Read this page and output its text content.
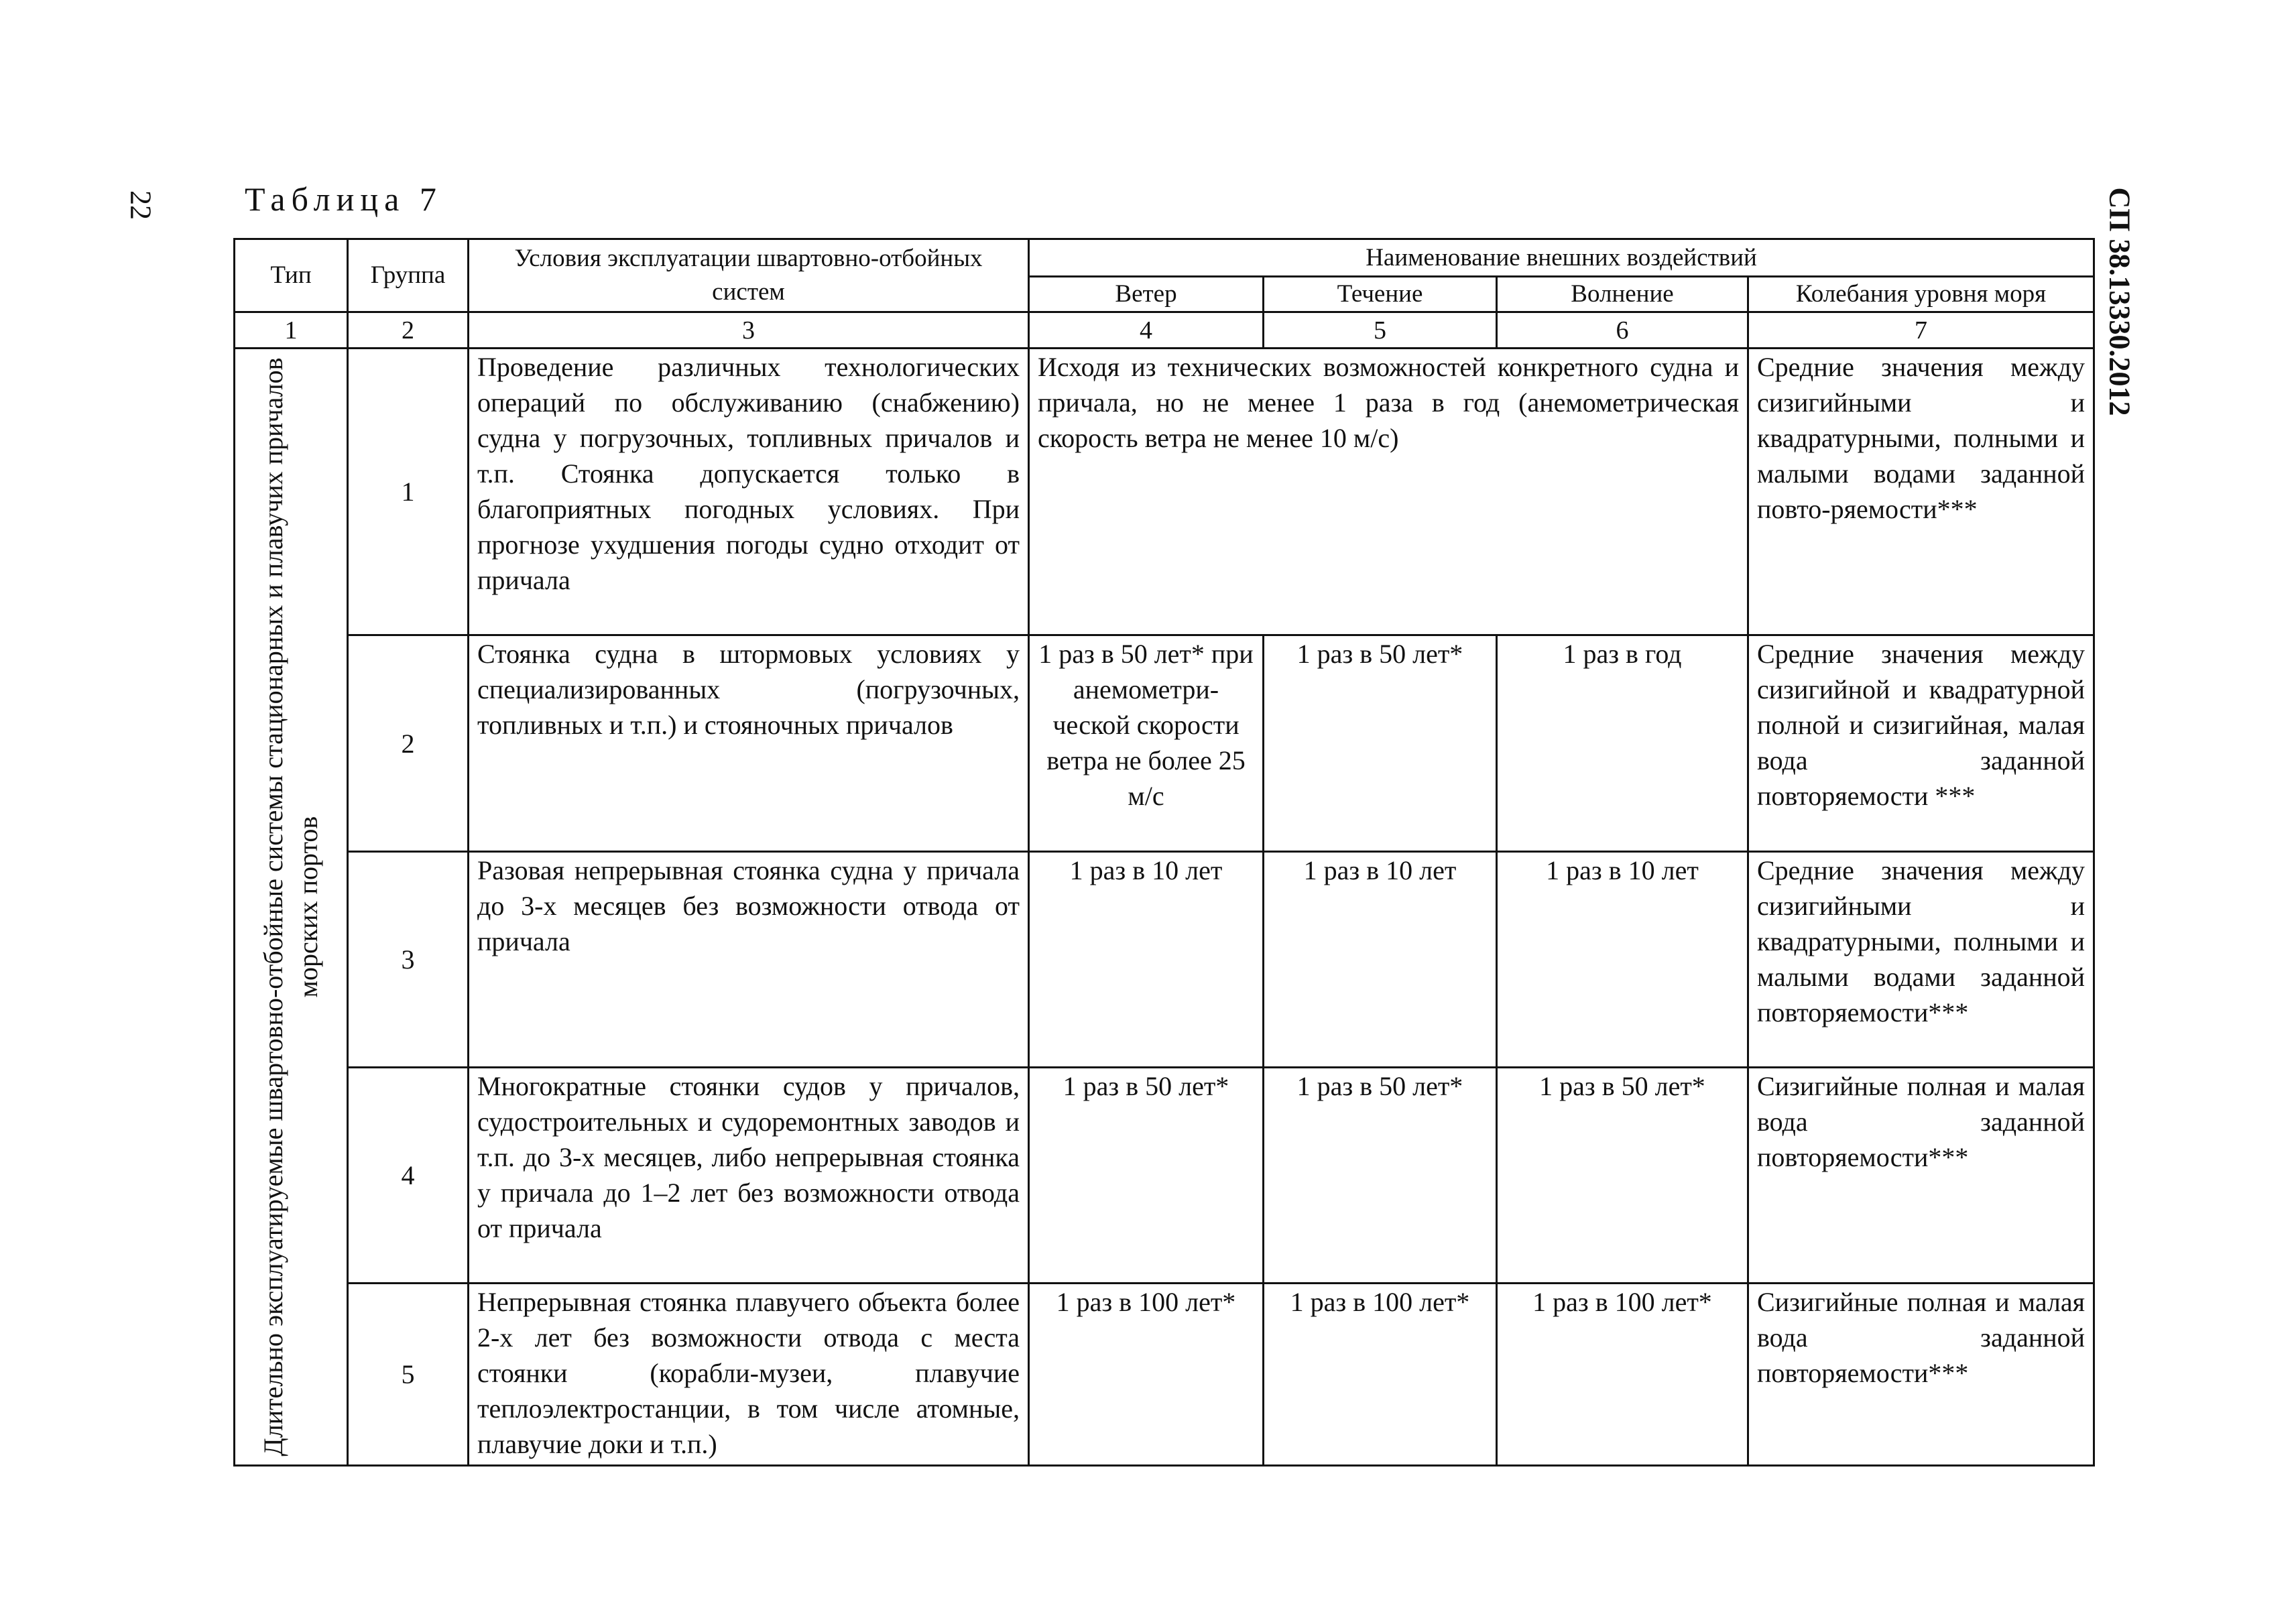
22	Таблица 7	СП 38.13330.2012
Тип	Группа	Условия эксплуатации швартовно-отбойных систем	Наименование внешних воздействий			
			Ветер	Течение	Волнение	Колебания уровня моря
1	2	3	4	5	6	7

Длительно эксплуатируемые швартовно-отбойные системы стационарных и плавучих причалов морских портов	1	Проведение различных технологических операций по обслуживанию (снабжению) судна у погрузочных, топливных причалов и т.п. Стоянка допускается только в благоприятных погодных условиях. При прогнозе ухудшения погоды судно отходит от причала	Исходя из технических возможностей конкретного судна и причала, но не менее 1 раза в год (анемометрическая скорость ветра не менее 10 м/с)			Средние значения между сизигийными и квадратурными, полными и малыми водами заданной повто-ряемости***
	2	Стоянка судна в штормовых условиях у специализированных (погрузочных, топливных и т.п.) и стояночных причалов	1 раз в 50 лет* при анемометри-ческой скорости ветра не более 25 м/с	1 раз в 50 лет*	1 раз в год	Средние значения между сизигийной и квадратурной полной и сизигийная, малая вода заданной повторяемости ***
	3	Разовая непрерывная стоянка судна у причала до 3-х месяцев без возможности отвода от причала	1 раз в 10 лет	1 раз в 10 лет	1 раз в 10 лет	Средние значения между сизигийными и квадратурными, полными и малыми водами заданной повторяемости***
	4	Многократные стоянки судов у причалов, судостроительных и судоремонтных заводов и т.п. до 3-х месяцев, либо непрерывная стоянка у причала до 1–2 лет без возможности отвода от причала	1 раз в 50 лет*	1 раз в 50 лет*	1 раз в 50 лет*	Сизигийные полная и малая вода заданной повторяемости***
	5	Непрерывная стоянка плавучего объекта более 2-х лет без возможности отвода с места стоянки (корабли-музеи, плавучие теплоэлектростанции, в том числе атомные, плавучие доки и т.п.)	1 раз в 100 лет*	1 раз в 100 лет*	1 раз в 100 лет*	Сизигийные полная и малая вода заданной повторяемости***
